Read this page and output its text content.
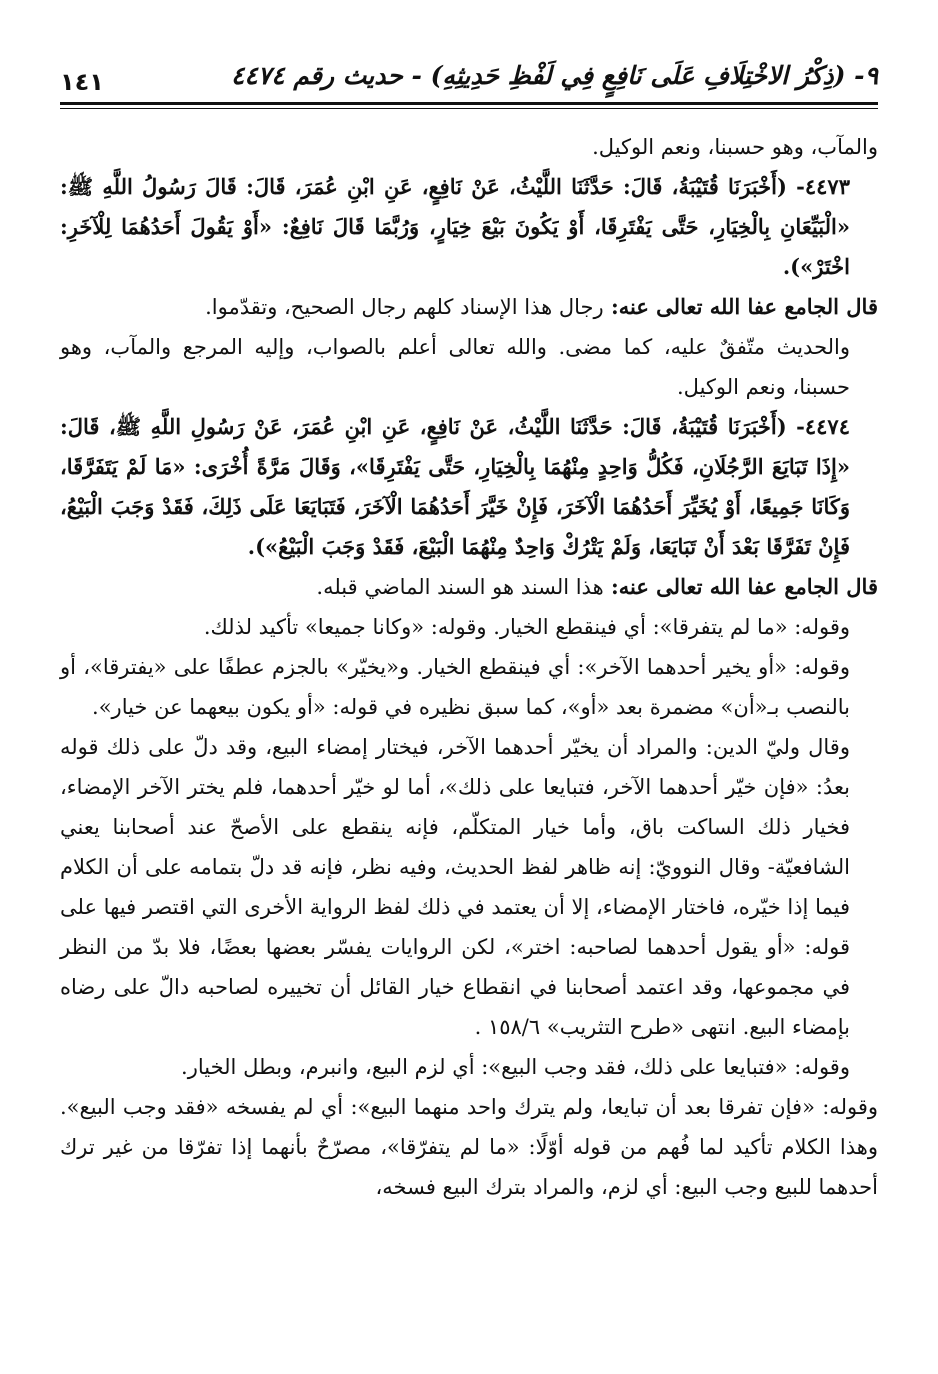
٩- (ذِكْرُ الاخْتِلَافِ عَلَى نَافِعٍ فِي لَفْظِ حَدِيثِهِ) - حديث رقم ٤٤٧٤
١٤١

والمآب، وهو حسبنا، ونعم الوكيل.

٤٤٧٣- (أَخْبَرَنَا قُتَيْبَةُ، قَالَ: حَدَّثَنَا اللَّيْثُ، عَنْ نَافِعٍ، عَنِ ابْنِ عُمَرَ، قَالَ: قَالَ رَسُولُ اللَّهِ ﷺ: «الْبَيِّعَانِ بِالْخِيَارِ، حَتَّى يَفْتَرِقَا، أَوْ يَكُونَ بَيْعَ خِيَارٍ، وَرُبَّمَا قَالَ نَافِعٌ: «أَوْ يَقُولَ أَحَدُهُمَا لِلْآخَرِ: اخْتَرْ»).

قال الجامع عفا الله تعالى عنه: رجال هذا الإسناد كلهم رجال الصحيح، وتقدّموا.

والحديث متّفقٌ عليه، كما مضى. والله تعالى أعلم بالصواب، وإليه المرجع والمآب، وهو حسبنا، ونعم الوكيل.

٤٤٧٤- (أَخْبَرَنَا قُتَيْبَةُ، قَالَ: حَدَّثَنَا اللَّيْثُ، عَنْ نَافِعٍ، عَنِ ابْنِ عُمَرَ، عَنْ رَسُولِ اللَّهِ ﷺ، قَالَ: «إِذَا تَبَايَعَ الرَّجُلَانِ، فَكُلُّ وَاحِدٍ مِنْهُمَا بِالْخِيَارِ، حَتَّى يَفْتَرِقَا»، وَقَالَ مَرَّةً أُخْرَى: «مَا لَمْ يَتَفَرَّقَا، وَكَانَا جَمِيعًا، أَوْ يُخَيِّرَ أَحَدُهُمَا الْآخَرَ، فَإِنْ خَيَّرَ أَحَدُهُمَا الْآخَرَ، فَتَبَايَعَا عَلَى ذَلِكَ، فَقَدْ وَجَبَ الْبَيْعُ، فَإِنْ تَفَرَّقَا بَعْدَ أَنْ تَبَايَعَا، وَلَمْ يَتْرُكْ وَاحِدٌ مِنْهُمَا الْبَيْعَ، فَقَدْ وَجَبَ الْبَيْعُ»).

قال الجامع عفا الله تعالى عنه: هذا السند هو السند الماضي قبله.

وقوله: «ما لم يتفرقا»: أي فينقطع الخيار. وقوله: «وكانا جميعا» تأكيد لذلك.

وقوله: «أو يخير أحدهما الآخر»: أي فينقطع الخيار. و«يخيّر» بالجزم عطفًا على «يفترقا»، أو بالنصب بـ«أن» مضمرة بعد «أو»، كما سبق نظيره في قوله: «أو يكون بيعهما عن خيار».

وقال وليّ الدين: والمراد أن يخيّر أحدهما الآخر، فيختار إمضاء البيع، وقد دلّ على ذلك قوله بعدُ: «فإن خيّر أحدهما الآخر، فتبايعا على ذلك»، أما لو خيّر أحدهما، فلم يختر الآخر الإمضاء، فخيار ذلك الساكت باق، وأما خيار المتكلّم، فإنه ينقطع على الأصحّ عند أصحابنا يعني الشافعيّة- وقال النوويّ: إنه ظاهر لفظ الحديث، وفيه نظر، فإنه قد دلّ بتمامه على أن الكلام فيما إذا خيّره، فاختار الإمضاء، إلا أن يعتمد في ذلك لفظ الرواية الأخرى التي اقتصر فيها على قوله: «أو يقول أحدهما لصاحبه: اختر»، لكن الروايات يفسّر بعضها بعضًا، فلا بدّ من النظر في مجموعها، وقد اعتمد أصحابنا في انقطاع خيار القائل أن تخييره لصاحبه دالّ على رضاه بإمضاء البيع. انتهى «طرح التثريب» ١٥٨/٦ .

وقوله: «فتبايعا على ذلك، فقد وجب البيع»: أي لزم البيع، وانبرم، وبطل الخيار.

وقوله: «فإن تفرقا بعد أن تبايعا، ولم يترك واحد منهما البيع»: أي لم يفسخه «فقد وجب البيع». وهذا الكلام تأكيد لما فُهم من قوله أوّلًا: «ما لم يتفرّقا»، مصرّحٌ بأنهما إذا تفرّقا من غير ترك أحدهما للبيع وجب البيع: أي لزم، والمراد بترك البيع فسخه،
